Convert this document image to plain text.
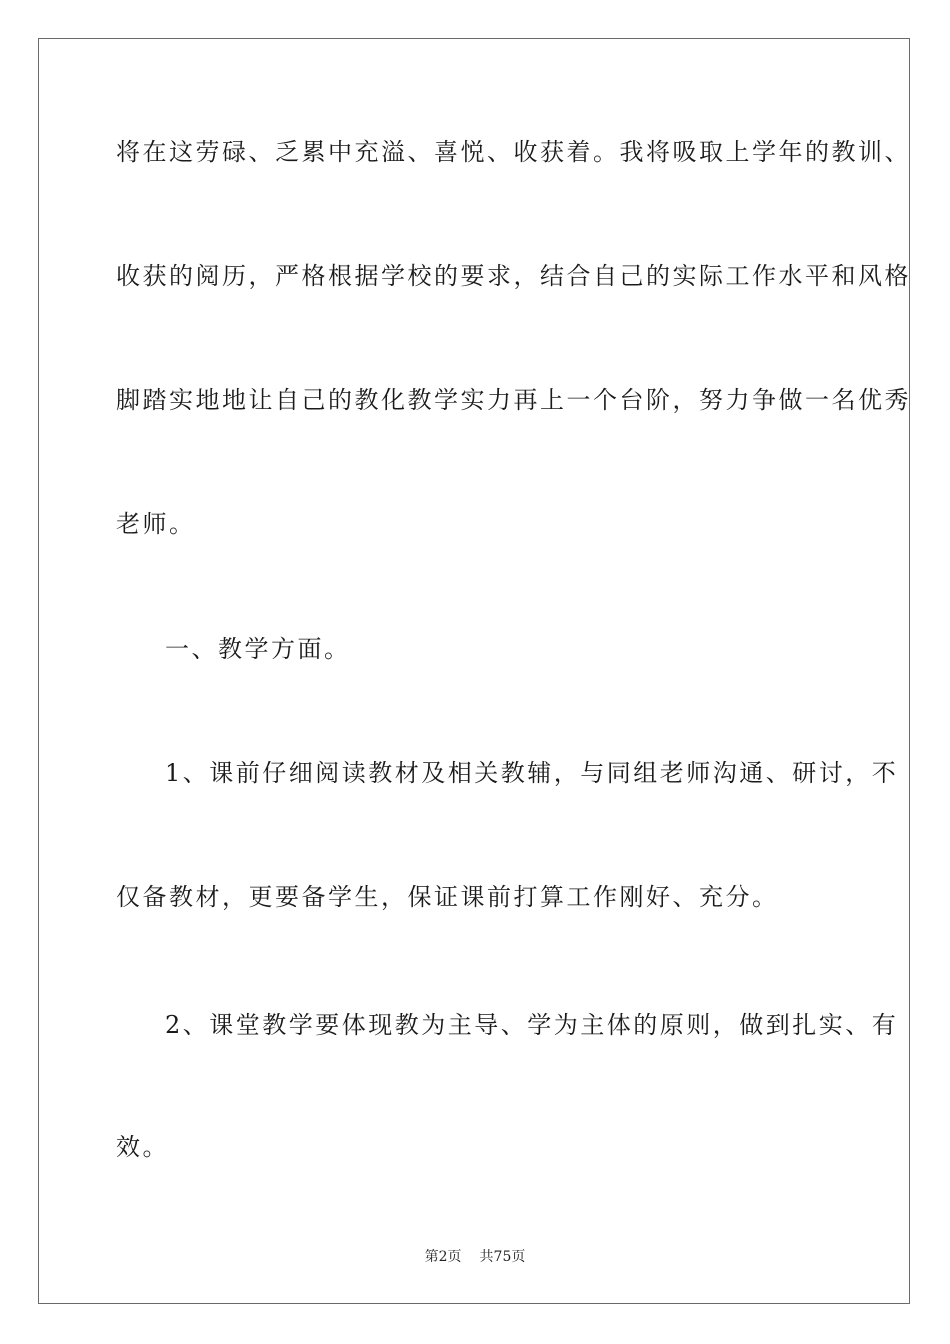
将在这劳碌、乏累中充溢、喜悦、收获着。我将吸取上学年的教训、
收获的阅历，严格根据学校的要求，结合自己的实际工作水平和风格
脚踏实地地让自己的教化教学实力再上一个台阶，努力争做一名优秀
老师。
一、教学方面。
1、课前仔细阅读教材及相关教辅，与同组老师沟通、研讨，不
仅备教材，更要备学生，保证课前打算工作刚好、充分。
2、课堂教学要体现教为主导、学为主体的原则，做到扎实、有
效。
第2页 共75页
